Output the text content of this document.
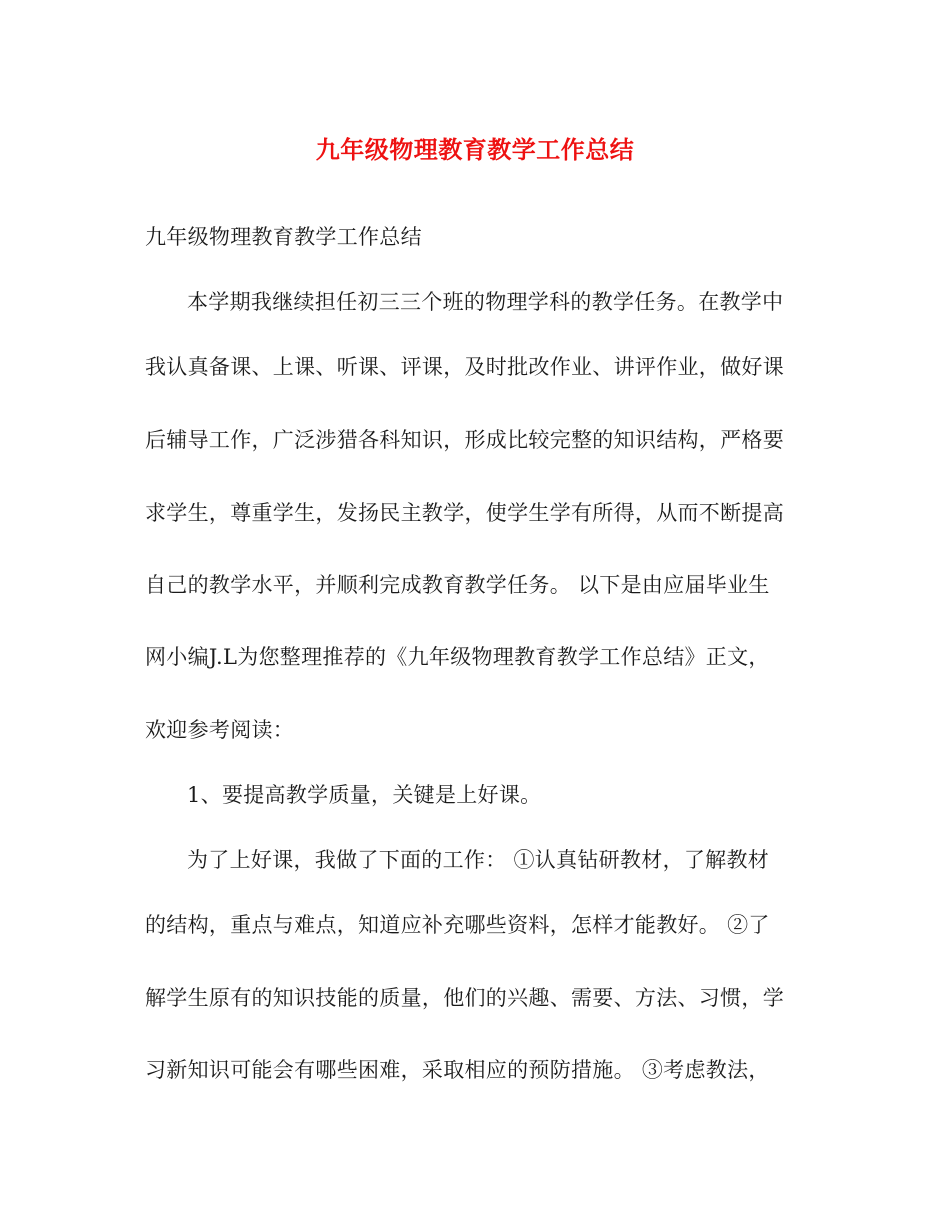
九年级物理教育教学工作总结
九年级物理教育教学工作总结
本学期我继续担任初三三个班的物理学科的教学任务。在教学中
我认真备课、上课、听课、评课，及时批改作业、讲评作业，做好课
后辅导工作，广泛涉猎各科知识，形成比较完整的知识结构，严格要
求学生，尊重学生，发扬民主教学，使学生学有所得，从而不断提高
自己的教学水平，并顺利完成教育教学任务。 以下是由应届毕业生
网小编J.L为您整理推荐的《九年级物理教育教学工作总结》正文，
欢迎参考阅读：
1、要提高教学质量，关键是上好课。
为了上好课，我做了下面的工作： ①认真钻研教材，了解教材
的结构，重点与难点，知道应补充哪些资料，怎样才能教好。 ②了
解学生原有的知识技能的质量，他们的兴趣、需要、方法、习惯，学
习新知识可能会有哪些困难，采取相应的预防措施。 ③考虑教法，
